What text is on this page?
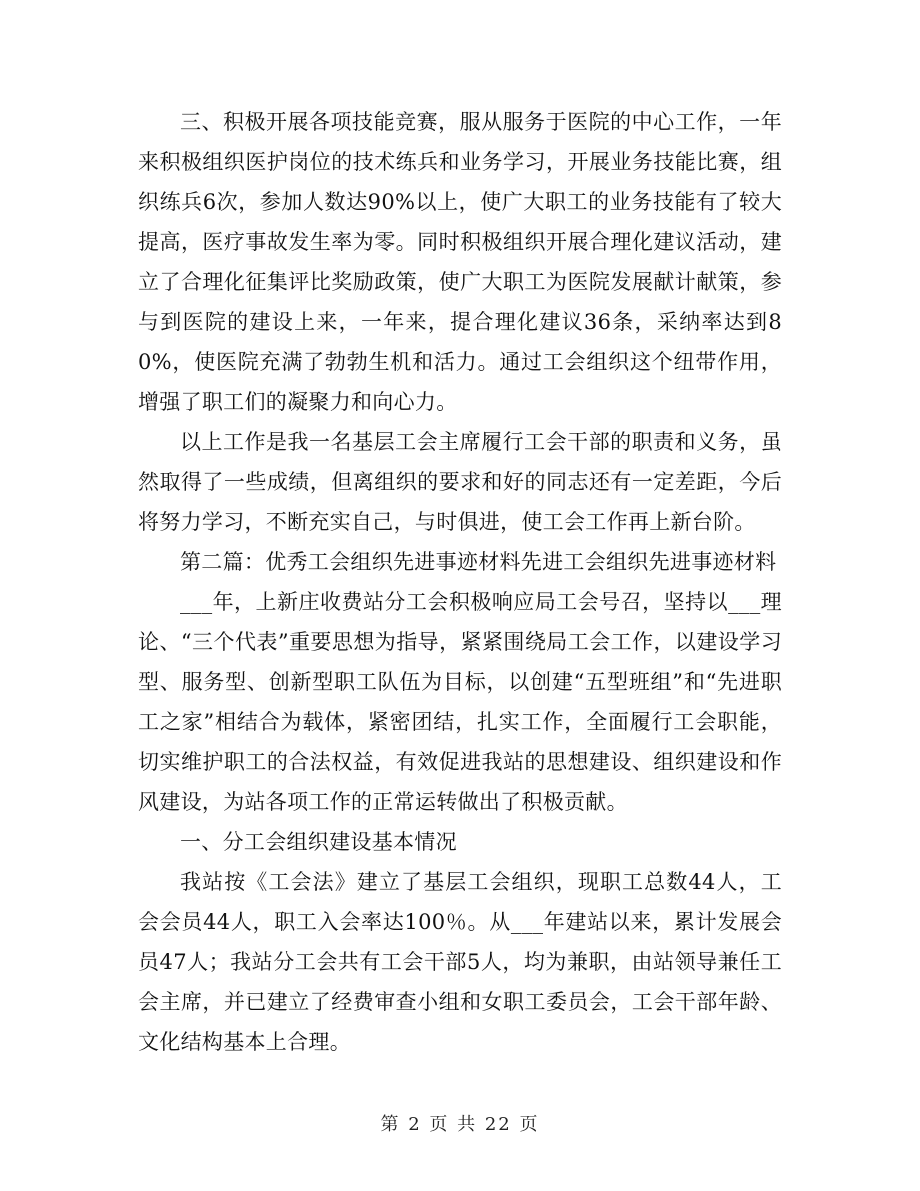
三、积极开展各项技能竞赛，服从服务于医院的中心工作，一年来积极组织医护岗位的技术练兵和业务学习，开展业务技能比赛，组织练兵6次，参加人数达90%以上，使广大职工的业务技能有了较大提高，医疗事故发生率为零。同时积极组织开展合理化建议活动，建立了合理化征集评比奖励政策，使广大职工为医院发展献计献策，参与到医院的建设上来，一年来，提合理化建议36条，采纳率达到80%，使医院充满了勃勃生机和活力。通过工会组织这个纽带作用，增强了职工们的凝聚力和向心力。

以上工作是我一名基层工会主席履行工会干部的职责和义务，虽然取得了一些成绩，但离组织的要求和好的同志还有一定差距，今后将努力学习，不断充实自己，与时俱进，使工会工作再上新台阶。

第二篇：优秀工会组织先进事迹材料先进工会组织先进事迹材料

___年，上新庄收费站分工会积极响应局工会号召，坚持以___理论、“三个代表”重要思想为指导，紧紧围绕局工会工作，以建设学习型、服务型、创新型职工队伍为目标，以创建“五型班组”和“先进职工之家”相结合为载体，紧密团结，扎实工作，全面履行工会职能，切实维护职工的合法权益，有效促进我站的思想建设、组织建设和作风建设，为站各项工作的正常运转做出了积极贡献。

一、分工会组织建设基本情况

我站按《工会法》建立了基层工会组织，现职工总数44人，工会会员44人，职工入会率达100％。从___年建站以来，累计发展会员47人；我站分工会共有工会干部5人，均为兼职，由站领导兼任工会主席，并已建立了经费审查小组和女职工委员会，工会干部年龄、文化结构基本上合理。

第 2 页 共 22 页
